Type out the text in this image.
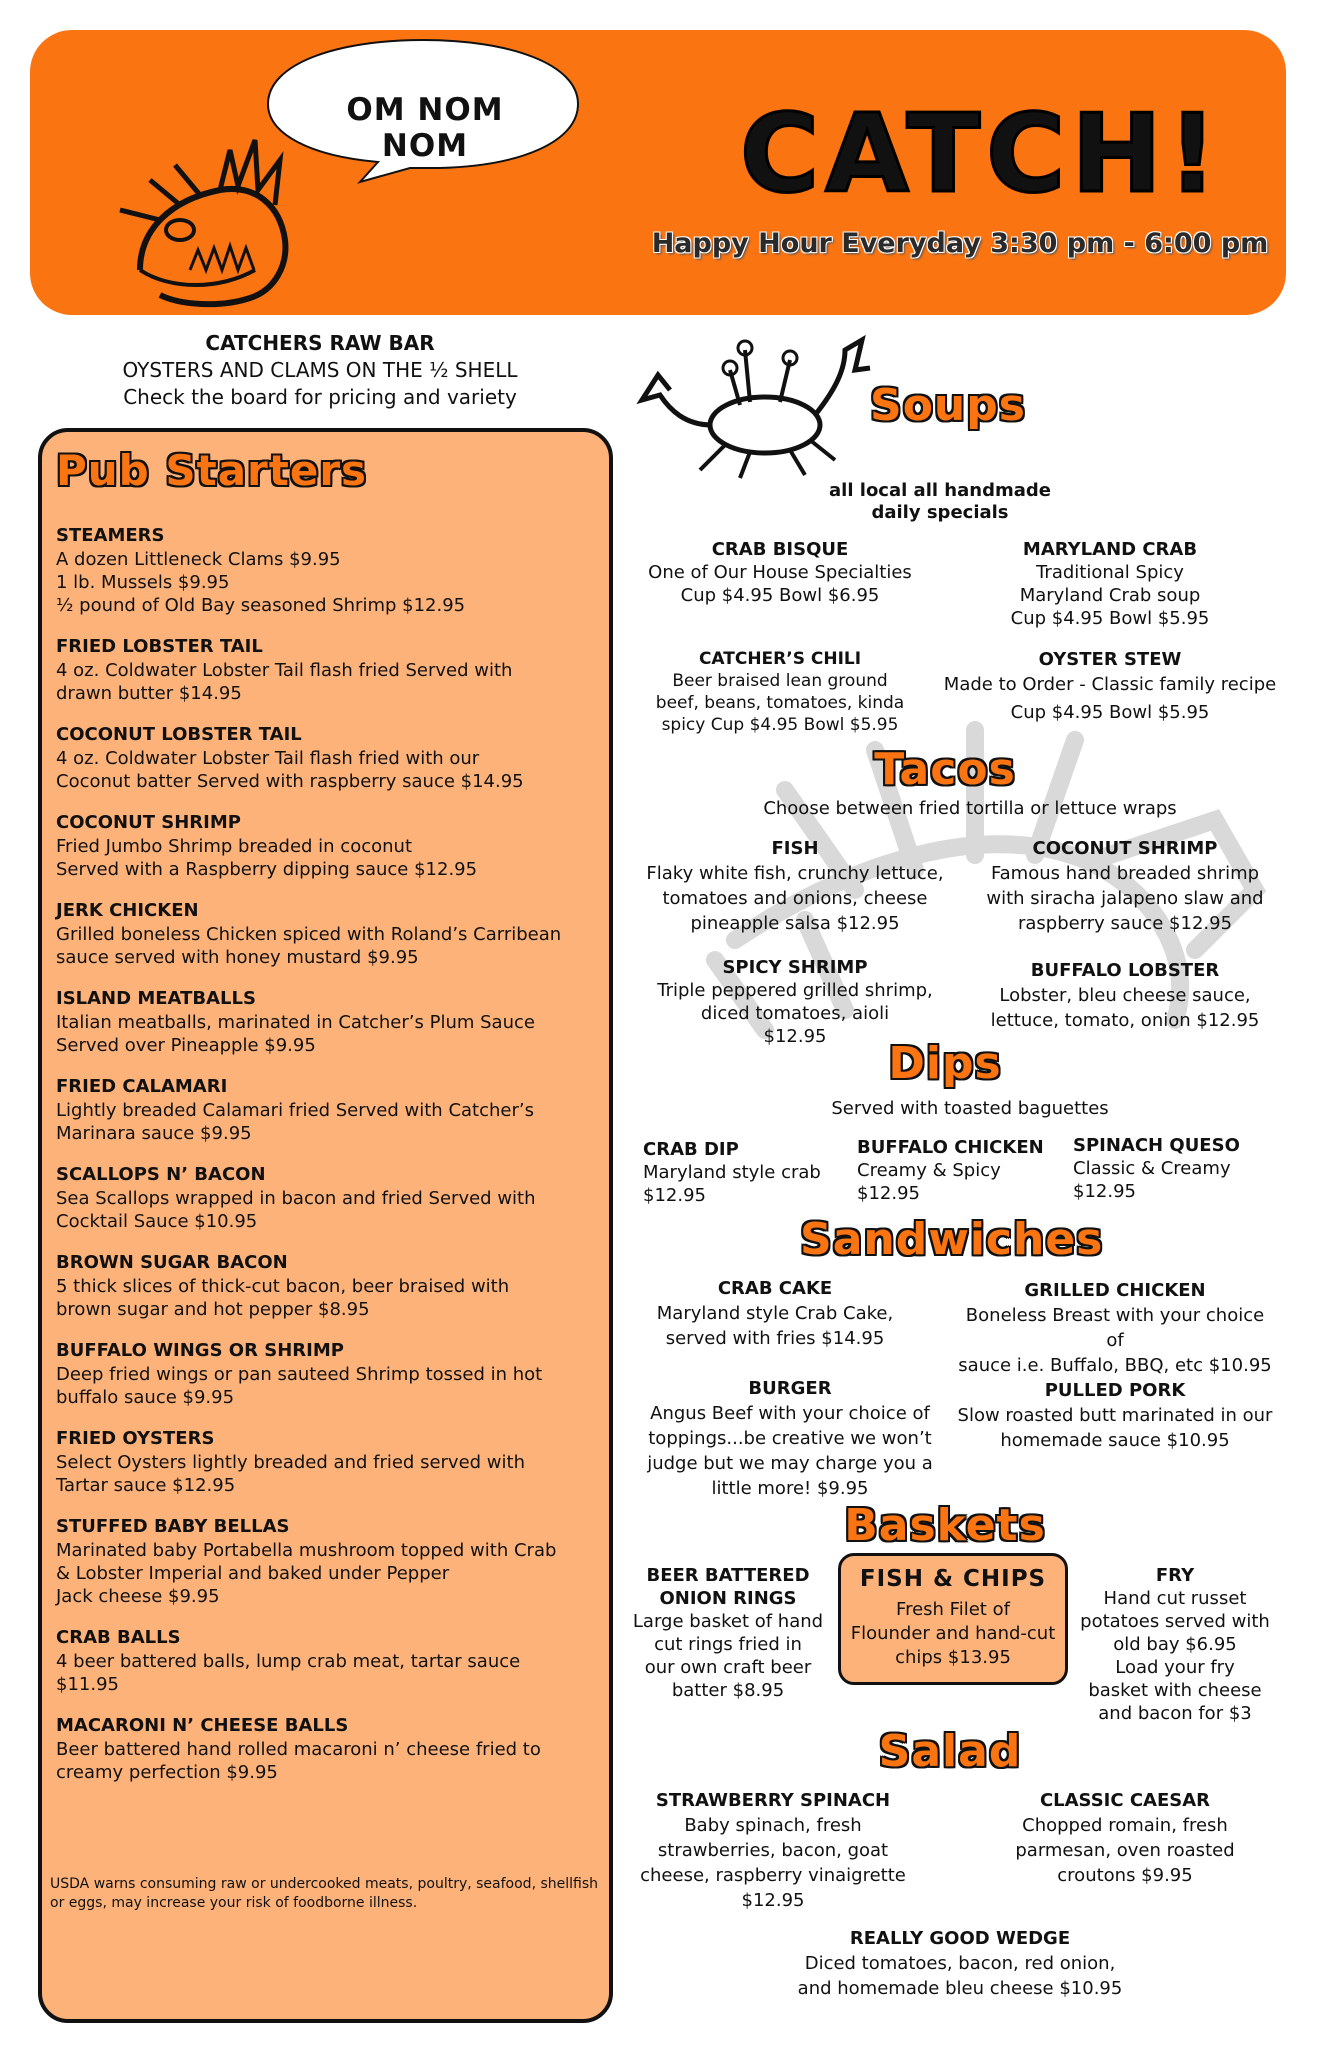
OM NOM NOM	CATCH!
Happy Hour Everyday 3:30 pm - 6:00 pm
CATCHERS RAW BAR
OYSTERS AND CLAMS ON THE ½ SHELL
Check the board for pricing and variety
Pub Starters
STEAMERS
A dozen Littleneck Clams $9.95
1 lb. Mussels $9.95
½ pound of Old Bay seasoned Shrimp $12.95
FRIED LOBSTER TAIL
4 oz. Coldwater Lobster Tail flash fried Served with
drawn butter $14.95
COCONUT LOBSTER TAIL
4 oz. Coldwater Lobster Tail flash fried with our
Coconut batter Served with raspberry sauce $14.95
COCONUT SHRIMP
Fried Jumbo Shrimp breaded in coconut
Served with a Raspberry dipping sauce $12.95
JERK CHICKEN
Grilled boneless Chicken spiced with Roland’s Carribean
sauce served with honey mustard $9.95
ISLAND MEATBALLS
Italian meatballs, marinated in Catcher’s Plum Sauce
Served over Pineapple $9.95
FRIED CALAMARI
Lightly breaded Calamari fried Served with Catcher’s
Marinara sauce $9.95
SCALLOPS N’ BACON
Sea Scallops wrapped in bacon and fried Served with
Cocktail Sauce $10.95
BROWN SUGAR BACON
5 thick slices of thick-cut bacon, beer braised with
brown sugar and hot pepper $8.95
BUFFALO WINGS OR SHRIMP
Deep fried wings or pan sauteed Shrimp tossed in hot
buffalo sauce $9.95
FRIED OYSTERS
Select Oysters lightly breaded and fried served with
Tartar sauce $12.95
STUFFED BABY BELLAS
Marinated baby Portabella mushroom topped with Crab
& Lobster Imperial and baked under Pepper
Jack cheese $9.95
CRAB BALLS
4 beer battered balls, lump crab meat, tartar sauce
$11.95
MACARONI N’ CHEESE BALLS
Beer battered hand rolled macaroni n’ cheese fried to
creamy perfection $9.95
USDA warns consuming raw or undercooked meats, poultry, seafood, shellfish or eggs, may increase your risk of foodborne illness.
Soups
all local all handmade
daily specials
CRAB BISQUE
One of Our House Specialties
Cup $4.95 Bowl $6.95
MARYLAND CRAB
Traditional Spicy
Maryland Crab soup
Cup $4.95 Bowl $5.95
CATCHER’S CHILI
Beer braised lean ground
beef, beans, tomatoes, kinda
spicy Cup $4.95 Bowl $5.95
OYSTER STEW
Made to Order - Classic family recipe
Cup $4.95 Bowl $5.95
Tacos
Choose between fried tortilla or lettuce wraps
FISH
Flaky white fish, crunchy lettuce,
tomatoes and onions, cheese
pineapple salsa $12.95
COCONUT SHRIMP
Famous hand breaded shrimp
with siracha jalapeno slaw and
raspberry sauce $12.95
SPICY SHRIMP
Triple peppered grilled shrimp,
diced tomatoes, aioli
$12.95
BUFFALO LOBSTER
Lobster, bleu cheese sauce,
lettuce, tomato, onion $12.95
Dips
Served with toasted baguettes
CRAB DIP
Maryland style crab
$12.95
BUFFALO CHICKEN
Creamy & Spicy
$12.95
SPINACH QUESO
Classic & Creamy
$12.95
Sandwiches
CRAB CAKE
Maryland style Crab Cake,
served with fries $14.95
GRILLED CHICKEN
Boneless Breast with your choice of
sauce i.e. Buffalo, BBQ, etc $10.95
BURGER
Angus Beef with your choice of
toppings...be creative we won’t
judge but we may charge you a
little more! $9.95
PULLED PORK
Slow roasted butt marinated in our
homemade sauce $10.95
Baskets
BEER BATTERED
ONION RINGS
Large basket of hand
cut rings fried in
our own craft beer
batter $8.95
FISH & CHIPS
Fresh Filet of
Flounder and hand-cut
chips $13.95
FRY
Hand cut russet
potatoes served with
old bay $6.95
Load your fry
basket with cheese
and bacon for $3
Salad
STRAWBERRY SPINACH
Baby spinach, fresh
strawberries, bacon, goat
cheese, raspberry vinaigrette
$12.95
CLASSIC CAESAR
Chopped romain, fresh
parmesan, oven roasted
croutons $9.95
REALLY GOOD WEDGE
Diced tomatoes, bacon, red onion,
and homemade bleu cheese $10.95
